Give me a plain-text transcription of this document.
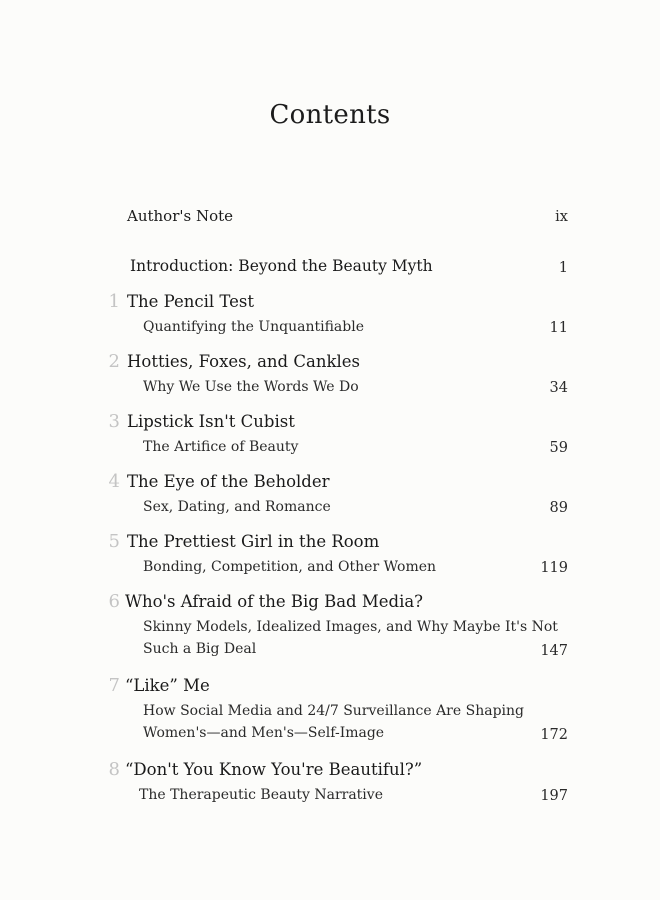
Contents
Author's Note	ix
Introduction: Beyond the Beauty Myth	1
1 The Pencil Test
Quantifying the Unquantifiable	11
2 Hotties, Foxes, and Cankles
Why We Use the Words We Do	34
3 Lipstick Isn't Cubist
The Artifice of Beauty	59
4 The Eye of the Beholder
Sex, Dating, and Romance	89
5 The Prettiest Girl in the Room
Bonding, Competition, and Other Women	119
6 Who's Afraid of the Big Bad Media?
Skinny Models, Idealized Images, and Why Maybe It's Not
Such a Big Deal	147
7 “Like” Me
How Social Media and 24/7 Surveillance Are Shaping
Women's—and Men's—Self-Image	172
8 “Don't You Know You're Beautiful?”
The Therapeutic Beauty Narrative	197
